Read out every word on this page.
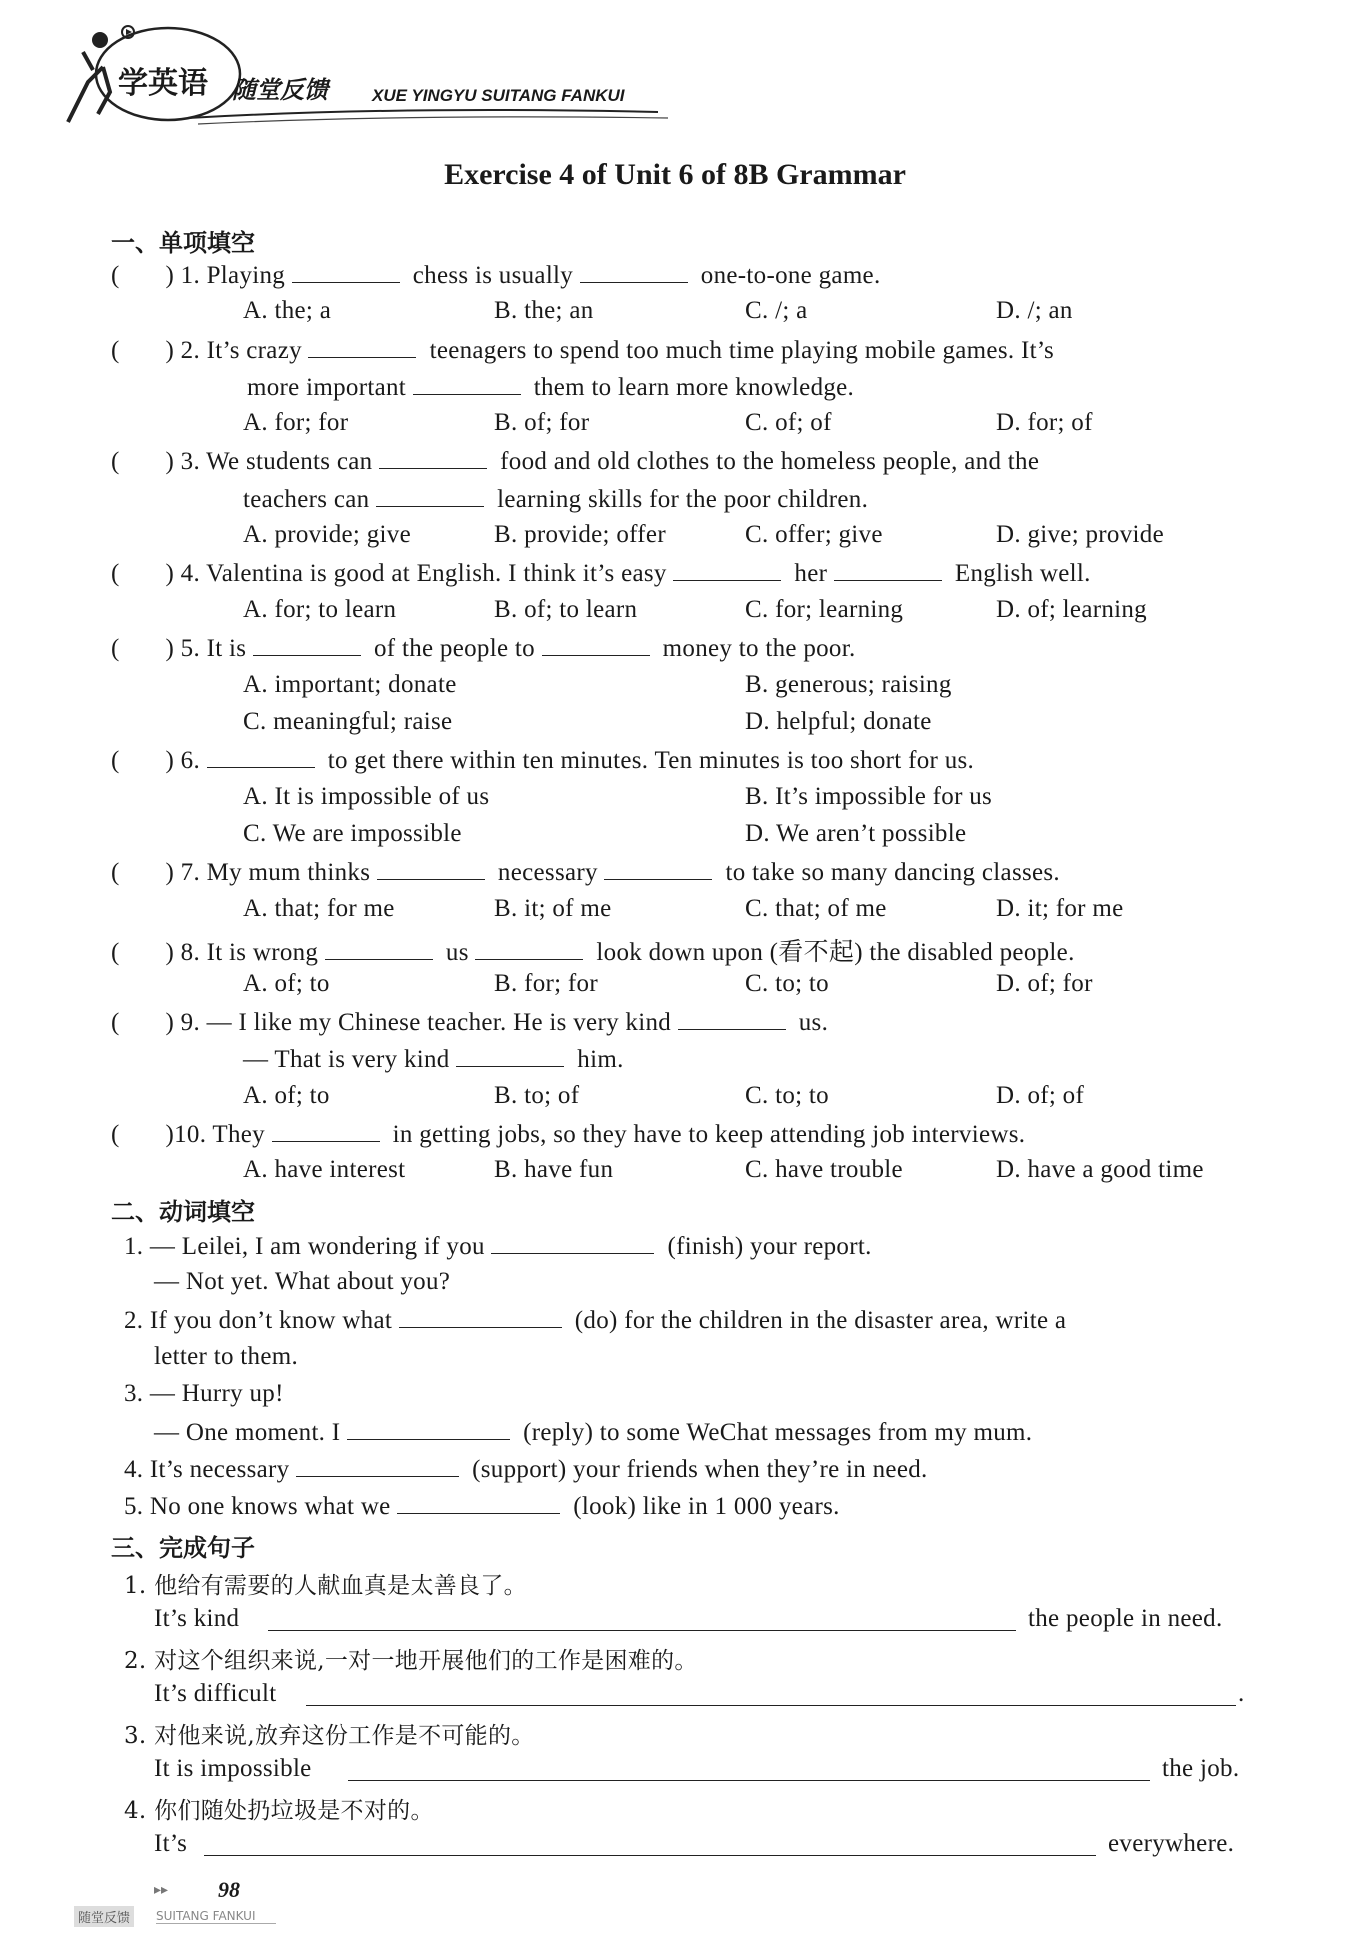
学英语 随堂反馈	XUE YINGYU SUITANG FANKUI
Exercise 4 of Unit 6 of 8B Grammar
一、单项填空
(       ) 1. Playing	chess is usually	one-to-one game.
A. the; a	B. the; an	C. /; a	D. /; an
(       ) 2. It’s crazy	teenagers to spend too much time playing mobile games. It’s
more important	them to learn more knowledge.
A. for; for	B. of; for	C. of; of	D. for; of
(       ) 3. We students can	food and old clothes to the homeless people, and the
teachers can	learning skills for the poor children.
A. provide; give	B. provide; offer	C. offer; give	D. give; provide
(       ) 4. Valentina is good at English. I think it’s easy	her	English well.
A. for; to learn	B. of; to learn	C. for; learning	D. of; learning
(       ) 5. It is	of the people to	money to the poor.
A. important; donate	B. generous; raising
C. meaningful; raise	D. helpful; donate
(       ) 6.	to get there within ten minutes. Ten minutes is too short for us.
A. It is impossible of us	B. It’s impossible for us
C. We are impossible	D. We aren’t possible
(       ) 7. My mum thinks	necessary	to take so many dancing classes.
A. that; for me	B. it; of me	C. that; of me	D. it; for me
(       ) 8. It is wrong	us	look down upon (看不起) the disabled people.
A. of; to	B. for; for	C. to; to	D. of; for
(       ) 9. — I like my Chinese teacher. He is very kind	us.
— That is very kind	him.
A. of; to	B. to; of	C. to; to	D. of; of
(       )10. They	in getting jobs, so they have to keep attending job interviews.
A. have interest	B. have fun	C. have trouble	D. have a good time
二、动词填空
1. — Leilei, I am wondering if you	(finish) your report.
— Not yet. What about you?
2. If you don’t know what	(do) for the children in the disaster area, write a
letter to them.
3. — Hurry up!
— One moment. I	(reply) to some WeChat messages from my mum.
4. It’s necessary	(support) your friends when they’re in need.
5. No one knows what we	(look) like in 1 000 years.
三、完成句子
1. 他给有需要的人献血真是太善良了。
It’s kind	the people in need.
2. 对这个组织来说,一对一地开展他们的工作是困难的。
It’s difficult	.
3. 对他来说,放弃这份工作是不可能的。
It is impossible	the job.
4. 你们随处扔垃圾是不对的。
It’s	everywhere.
▸▸ 98
随堂反馈	SUITANG FANKUI
